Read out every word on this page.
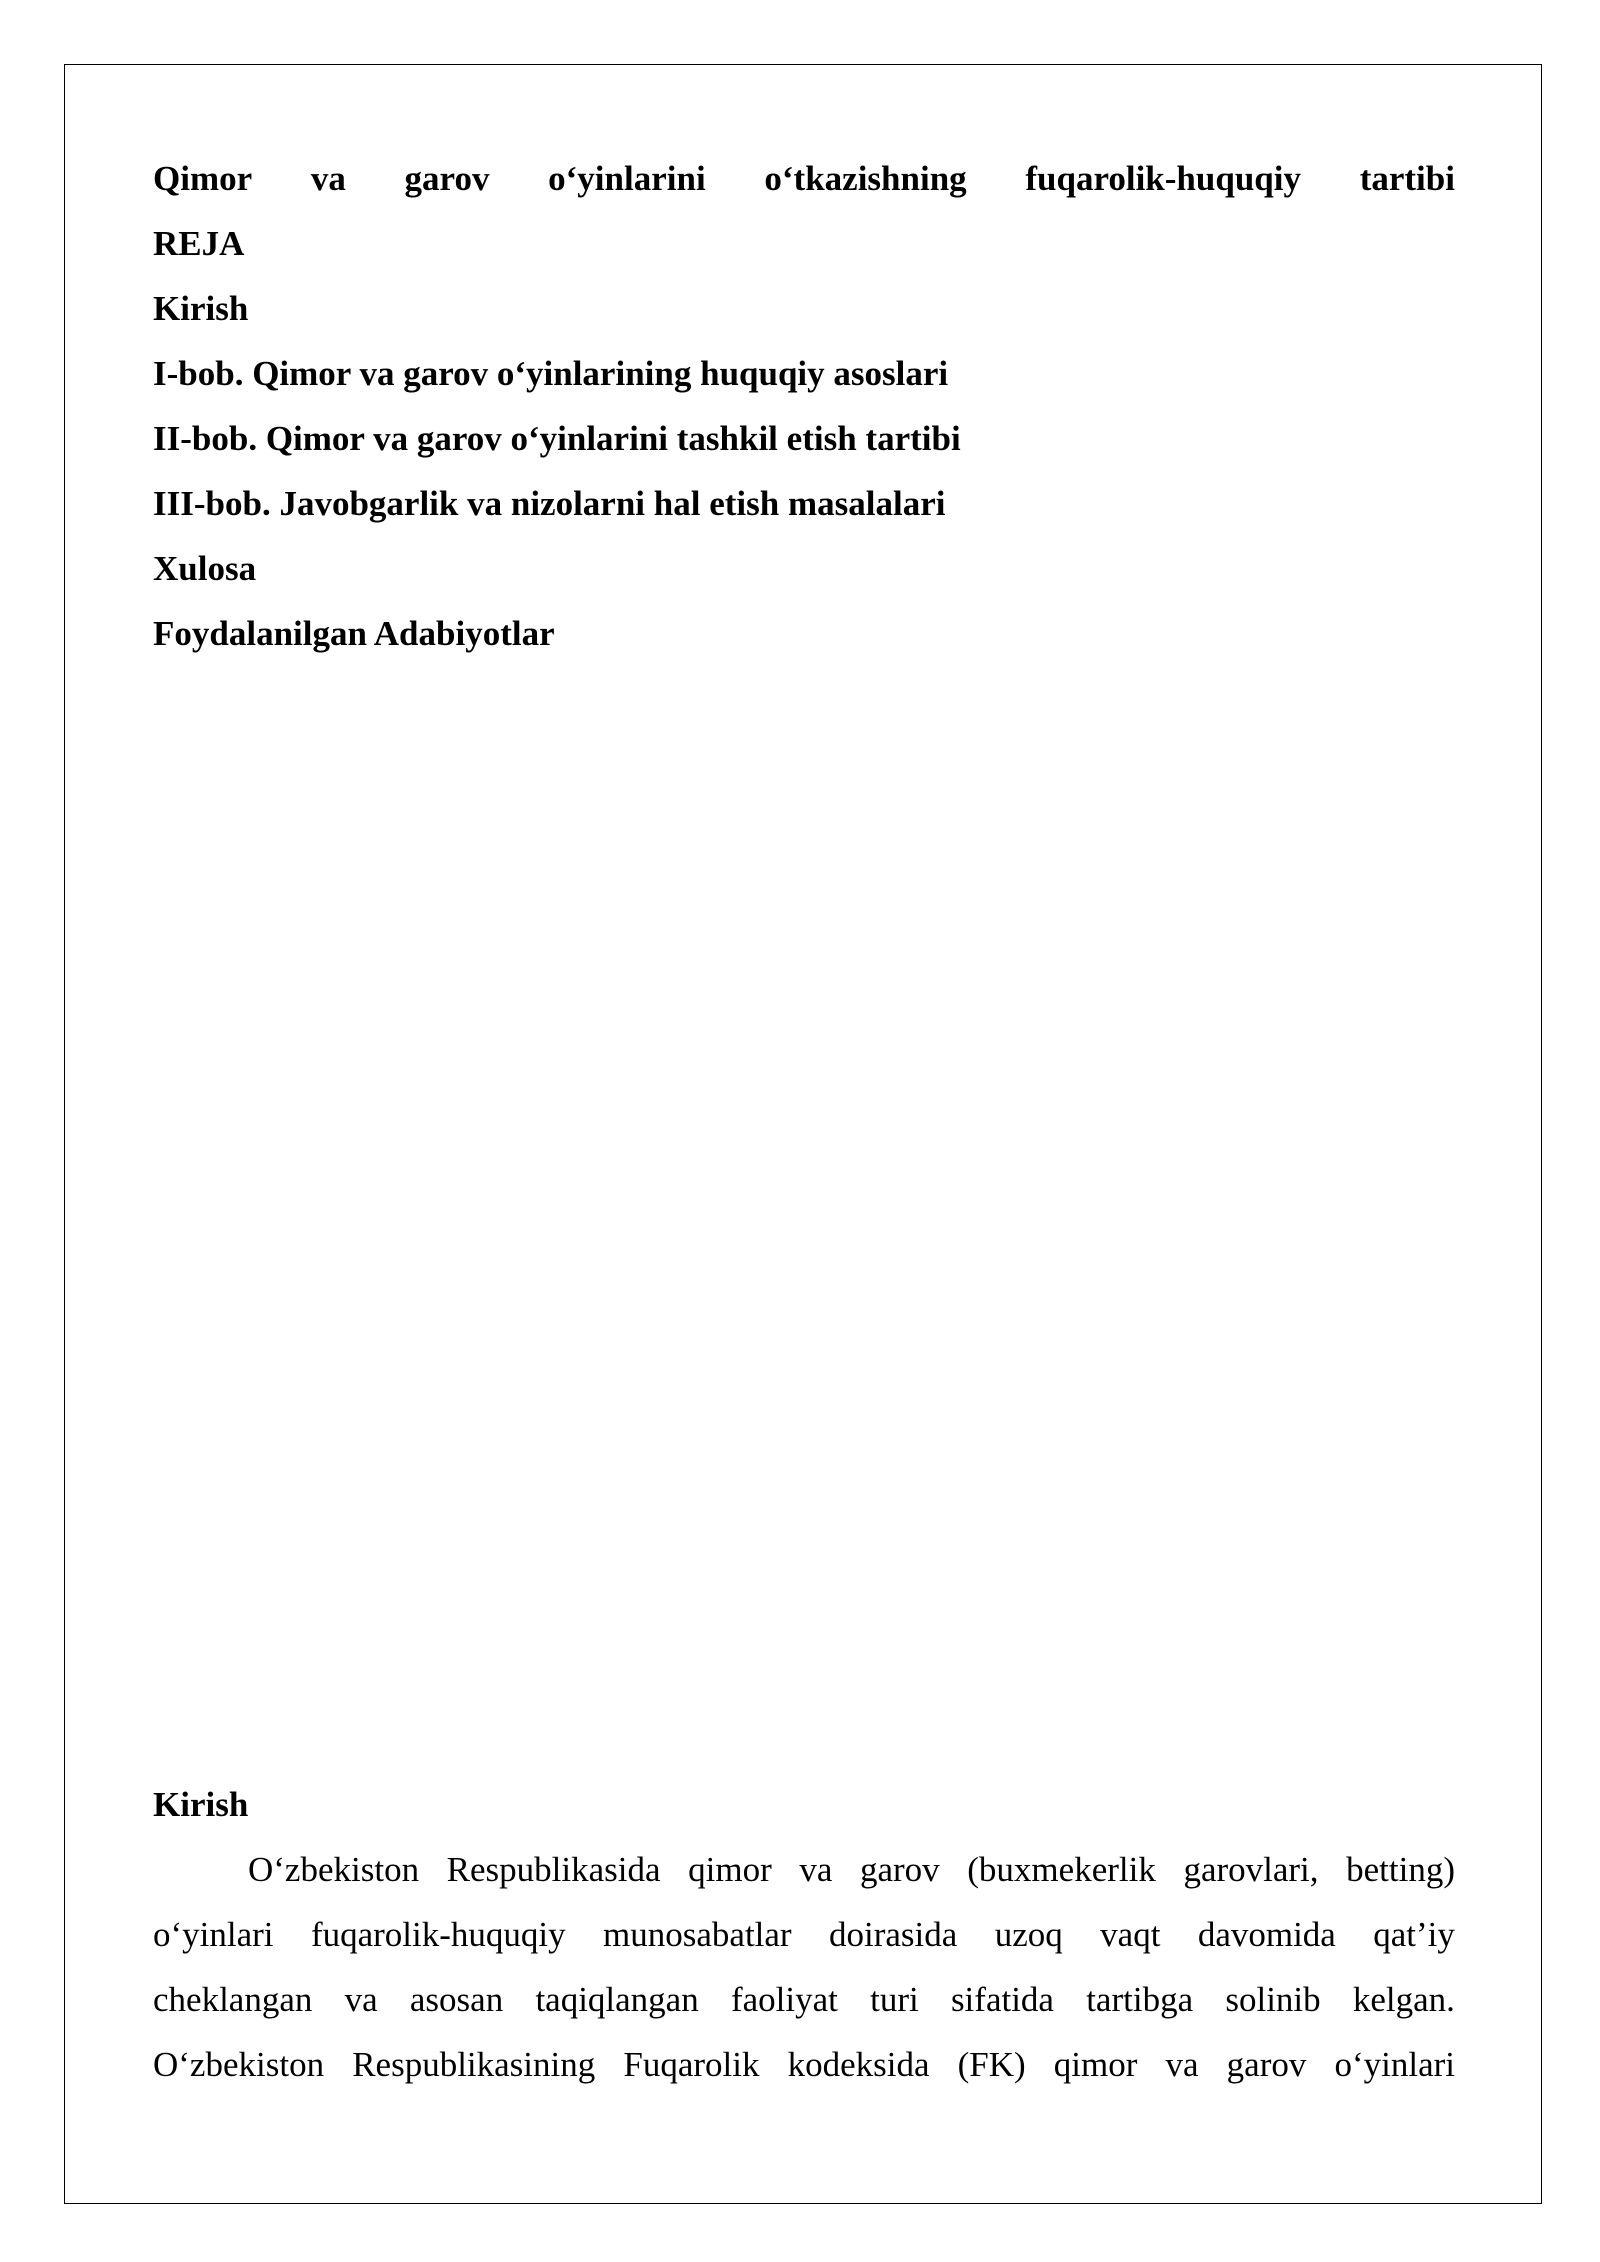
Qimor va garov o‘yinlarini o‘tkazishning fuqarolik-huquqiy tartibi
REJA
Kirish
I-bob. Qimor va garov o‘yinlarining huquqiy asoslari
II-bob. Qimor va garov o‘yinlarini tashkil etish tartibi
III-bob. Javobgarlik va nizolarni hal etish masalalari
Xulosa
Foydalanilgan Adabiyotlar
Kirish
O‘zbekiston Respublikasida qimor va garov (buxmekerlik garovlari, betting)
o‘yinlari fuqarolik-huquqiy munosabatlar doirasida uzoq vaqt davomida qat’iy
cheklangan va asosan taqiqlangan faoliyat turi sifatida tartibga solinib kelgan.
O‘zbekiston Respublikasining Fuqarolik kodeksida (FK) qimor va garov o‘yinlari
